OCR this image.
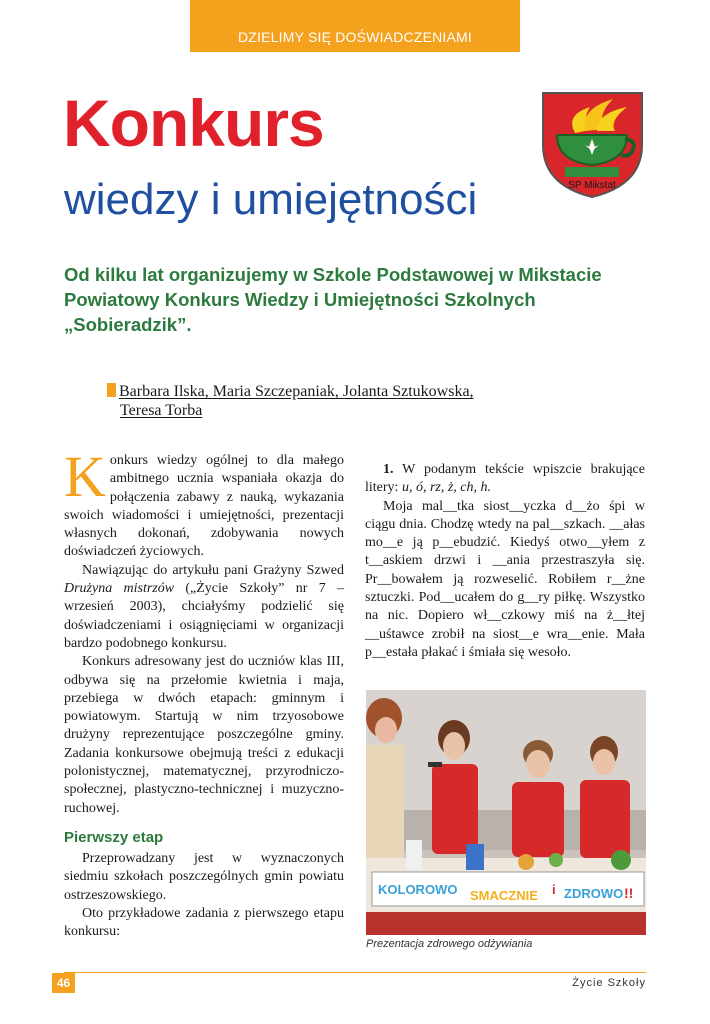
DZIELIMY SIĘ DOŚWIADCZENIAMI
Konkurs
wiedzy i umiejętności	SP Mikstat

Od kilku lat organizujemy w Szkole Podstawowej w Mikstacie Powiatowy Konkurs Wiedzy i Umiejętności Szkolnych „Sobieradzik”.

Barbara Ilska, Maria Szczepaniak, Jolanta Sztukowska,
Teresa Torba

Konkurs wiedzy ogólnej to dla małego ambitnego ucznia wspaniała okazja do połączenia zabawy z nauką, wykazania swoich wiadomości i umiejętności, prezentacji własnych dokonań, zdobywania nowych doświadczeń życiowych.

Nawiązując do artykułu pani Grażyny Szwed Drużyna mistrzów („Życie Szkoły” nr 7 – wrzesień 2003), chciałyśmy podzielić się doświadczeniami i osiągnięciami w organizacji bardzo podobnego konkursu.

Konkurs adresowany jest do uczniów klas III, odbywa się na przełomie kwietnia i maja, przebiega w dwóch etapach: gminnym i powiatowym. Startują w nim trzyosobowe drużyny reprezentujące poszczególne gminy. Zadania konkursowe obejmują treści z edukacji polonistycznej, matematycznej, przyrodniczo-społecznej, plastyczno-technicznej i muzyczno-ruchowej.

Pierwszy etap

Przeprowadzany jest w wyznaczonych siedmiu szkołach poszczególnych gmin powiatu ostrzeszowskiego.

Oto przykładowe zadania z pierwszego etapu konkursu:

1. W podanym tekście wpiszcie brakujące litery: u, ó, rz, ż, ch, h.

Moja mal__tka siost__yczka d__żo śpi w ciągu dnia. Chodzę wtedy na pal__szkach. __ałas mo__e ją p__ebudzić. Kiedyś otwo__yłem z t__askiem drzwi i __ania przestraszyła się. Pr__bowałem ją rozweselić. Robiłem r__żne sztuczki. Pod__ucałem do g__ry piłkę. Wszystko na nic. Dopiero wł__czkowy miś na ż__łtej __uśtawce zrobił na siost__e wra__enie. Mała p__estała płakać i śmiała się wesoło.

KOLOROWO SMACZNIE i ZDROWO !!
Prezentacja zdrowego odżywiania
46	Życie Szkoły
